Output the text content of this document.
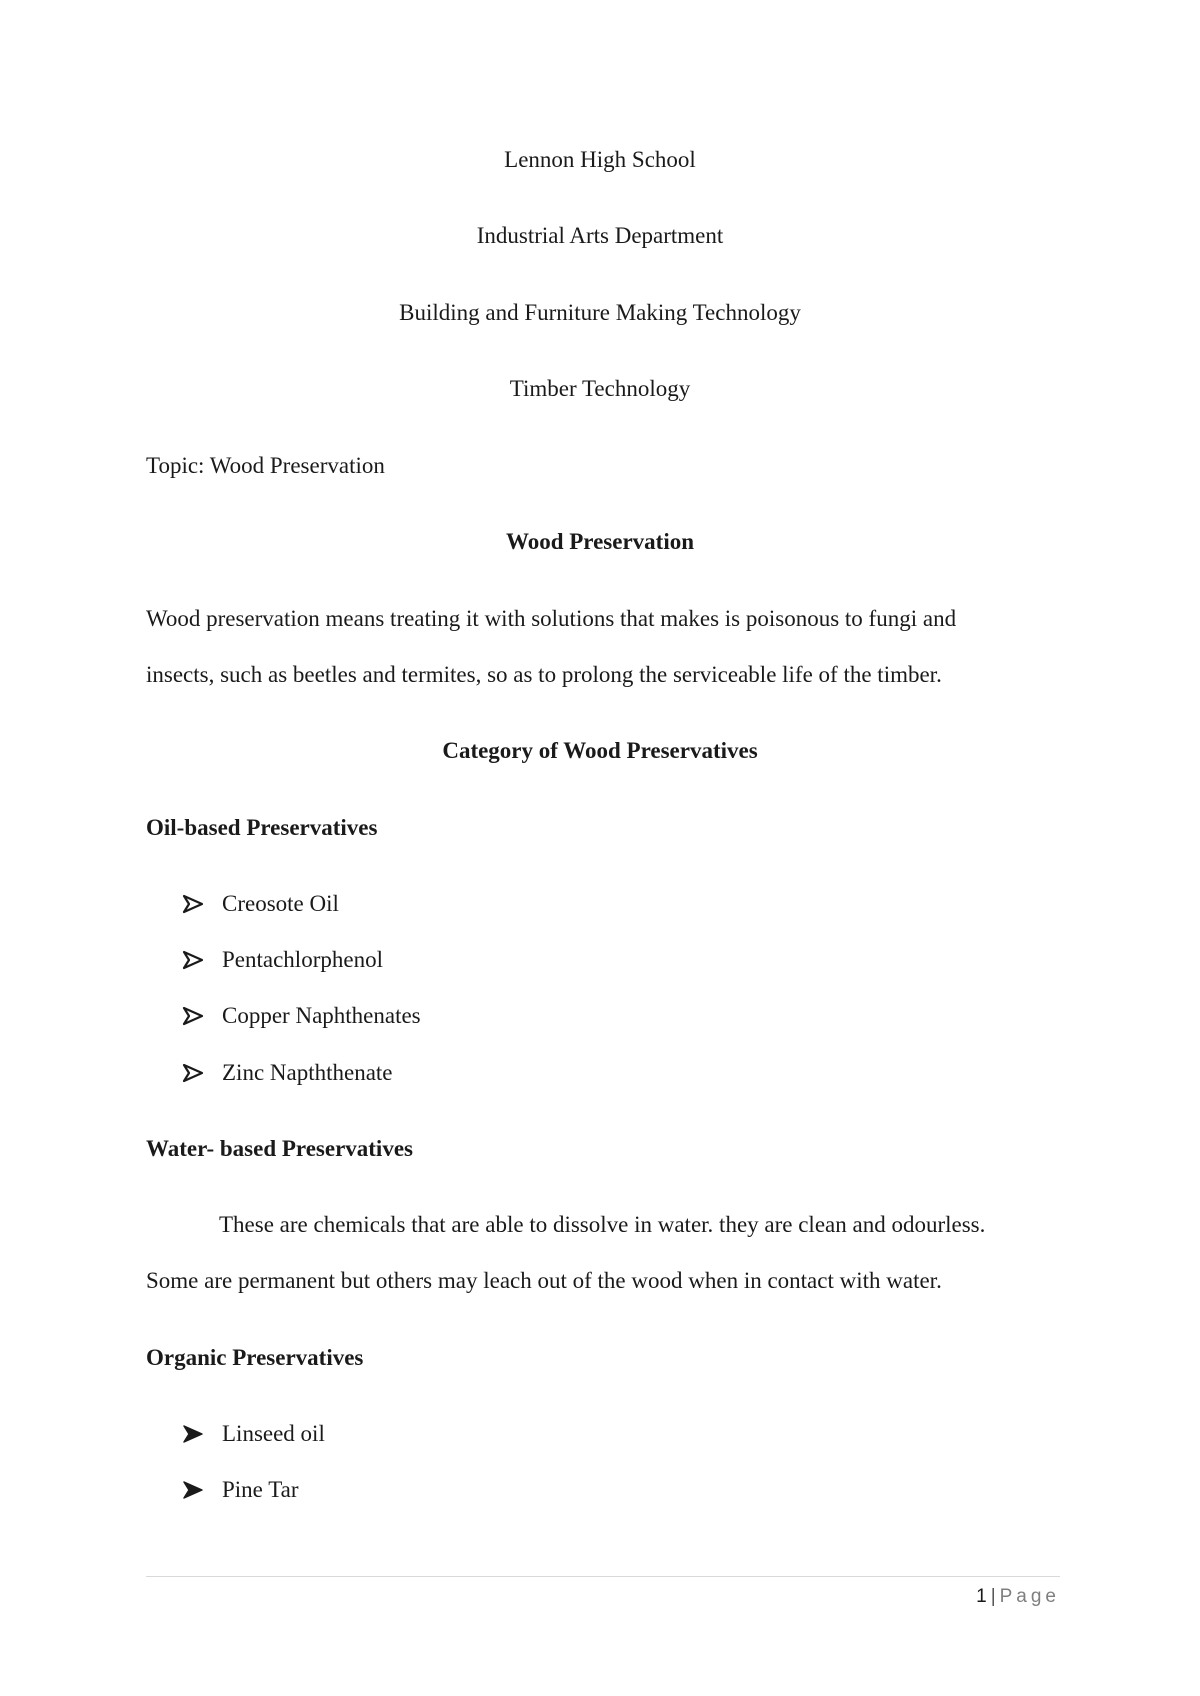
Lennon High School
Industrial Arts Department
Building and Furniture Making Technology
Timber Technology
Topic: Wood Preservation
Wood Preservation
Wood preservation means treating it with solutions that makes is poisonous to fungi and
insects, such as beetles and termites, so as to prolong the serviceable life of the timber.
Category of Wood Preservatives
Oil-based Preservatives
Creosote Oil
Pentachlorphenol
Copper Naphthenates
Zinc Napththenate
Water- based Preservatives
These are chemicals that are able to dissolve in water. they are clean and odourless.
Some are permanent but others may leach out of the wood when in contact with water.
Organic Preservatives
Linseed oil
Pine Tar
1 | Page
